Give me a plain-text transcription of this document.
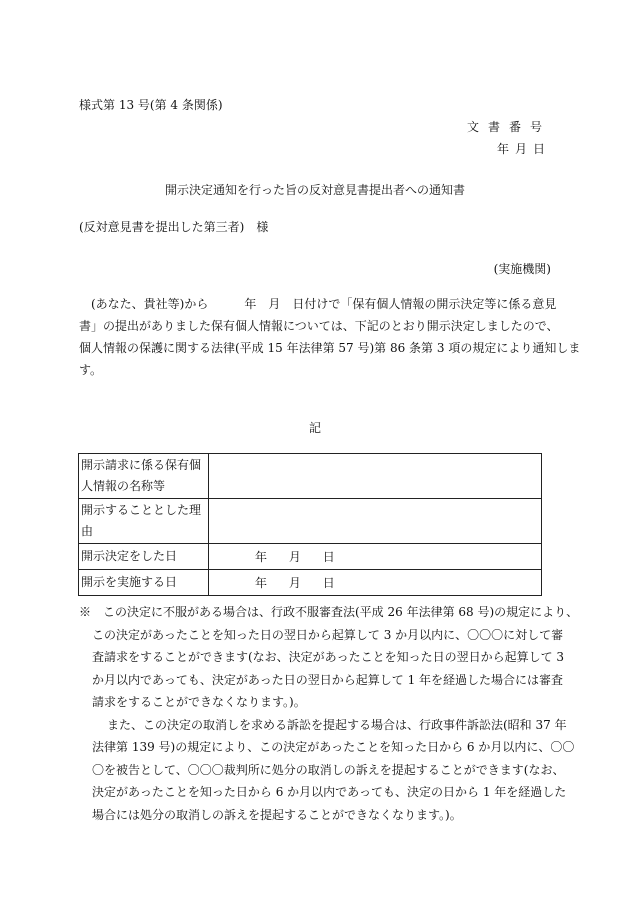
様式第 13 号(第 4 条関係)
文書番号
年月日
開示決定通知を行った旨の反対意見書提出者への通知書
(反対意見書を提出した第三者)　様
(実施機関)
　(あなた、貴社等)から　　　年　月　日付けで「保有個人情報の開示決定等に係る意見
書」の提出がありました保有個人情報については、下記のとおり開示決定しましたので、
個人情報の保護に関する法律(平成 15 年法律第 57 号)第 86 条第 3 項の規定により通知しま
す。
記
開示請求に係る保有個
人情報の名称等	

開示することとした理
由	

開示決定をした日	年 月 日
開示を実施する日	年 月 日
※　この決定に不服がある場合は、行政不服審査法(平成 26 年法律第 68 号)の規定により、
この決定があったことを知った日の翌日から起算して 3 か月以内に、〇〇〇に対して審
査請求をすることができます(なお、決定があったことを知った日の翌日から起算して 3
か月以内であっても、決定があった日の翌日から起算して 1 年を経過した場合には審査
請求をすることができなくなります。)。
また、この決定の取消しを求める訴訟を提起する場合は、行政事件訴訟法(昭和 37 年
法律第 139 号)の規定により、この決定があったことを知った日から 6 か月以内に、〇〇
〇を被告として、〇〇〇裁判所に処分の取消しの訴えを提起することができます(なお、
決定があったことを知った日から 6 か月以内であっても、決定の日から 1 年を経過した
場合には処分の取消しの訴えを提起することができなくなります。)。
